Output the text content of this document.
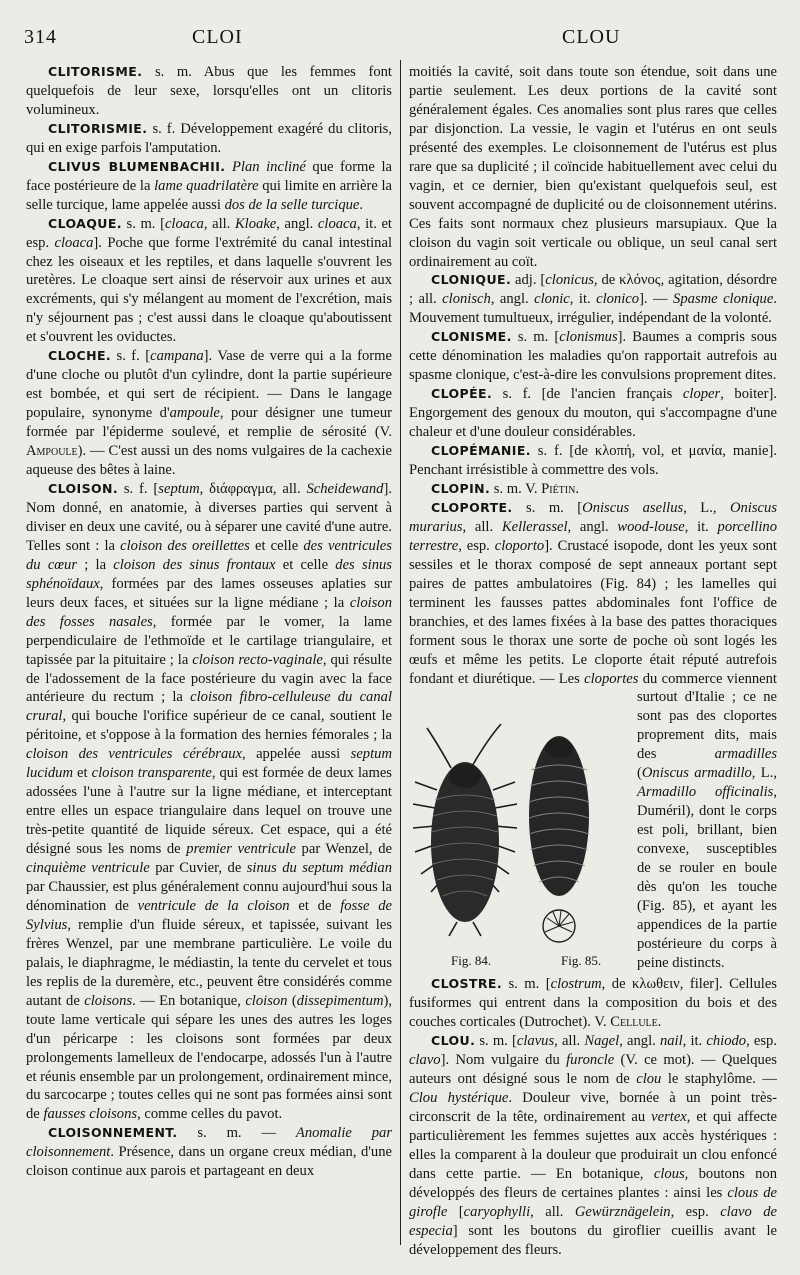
314	CLOI	CLOU

CLITORISME. s. m. Abus que les femmes font quelquefois de leur sexe, lorsqu'elles ont un clitoris volumineux.

CLITORISMIE. s. f. Développement exagéré du clitoris, qui en exige parfois l'amputation.

CLIVUS BLUMENBACHII. Plan incliné que forme la face postérieure de la lame quadrilatère qui limite en arrière la selle turcique, lame appelée aussi dos de la selle turcique.

CLOAQUE. s. m. [cloaca, all. Kloake, angl. cloaca, it. et esp. cloaca]. Poche que forme l'extrémité du canal intestinal chez les oiseaux et les reptiles, et dans laquelle s'ouvrent les uretères. Le cloaque sert ainsi de réservoir aux urines et aux excréments, qui s'y mélangent au moment de l'excrétion, mais n'y séjournent pas ; c'est aussi dans le cloaque qu'aboutissent et s'ouvrent les oviductes.

CLOCHE. s. f. [campana]. Vase de verre qui a la forme d'une cloche ou plutôt d'un cylindre, dont la partie supérieure est bombée, et qui sert de récipient. — Dans le langage populaire, synonyme d'ampoule, pour désigner une tumeur formée par l'épiderme soulevé, et remplie de sérosité (V. Ampoule). — C'est aussi un des noms vulgaires de la cachexie aqueuse des bêtes à laine.

CLOISON. s. f. [septum, διάφραγμα, all. Scheidewand]. Nom donné, en anatomie, à diverses parties qui servent à diviser en deux une cavité, ou à séparer une cavité d'une autre. Telles sont : la cloison des oreillettes et celle des ventricules du cœur ; la cloison des sinus frontaux et celle des sinus sphénoïdaux, formées par des lames osseuses aplaties sur leurs deux faces, et situées sur la ligne médiane ; la cloison des fosses nasales, formée par le vomer, la lame perpendiculaire de l'ethmoïde et le cartilage triangulaire, et tapissée par la pituitaire ; la cloison recto-vaginale, qui résulte de l'adossement de la face postérieure du vagin avec la face antérieure du rectum ; la cloison fibro-celluleuse du canal crural, qui bouche l'orifice supérieur de ce canal, soutient le péritoine, et s'oppose à la formation des hernies fémorales ; la cloison des ventricules cérébraux, appelée aussi septum lucidum et cloison transparente, qui est formée de deux lames adossées l'une à l'autre sur la ligne médiane, et interceptant entre elles un espace triangulaire dans lequel on trouve une très-petite quantité de liquide séreux. Cet espace, qui a été désigné sous les noms de premier ventricule par Wenzel, de cinquième ventricule par Cuvier, de sinus du septum médian par Chaussier, est plus généralement connu aujourd'hui sous la dénomination de ventricule de la cloison et de fosse de Sylvius, remplie d'un fluide séreux, et tapissée, suivant les frères Wenzel, par une membrane particulière. Le voile du palais, le diaphragme, le médiastin, la tente du cervelet et tous les replis de la duremère, etc., peuvent être considérés comme autant de cloisons. — En botanique, cloison (dissepimentum), toute lame verticale qui sépare les unes des autres les loges d'un péricarpe : les cloisons sont formées par deux prolongements lamelleux de l'endocarpe, adossés l'un à l'autre et réunis ensemble par un prolongement, ordinairement mince, du sarcocarpe ; toutes celles qui ne sont pas formées ainsi sont de fausses cloisons, comme celles du pavot.

CLOISONNEMENT. s. m. — Anomalie par cloisonnement. Présence, dans un organe creux médian, d'une cloison continue aux parois et partageant en deux

moitiés la cavité, soit dans toute son étendue, soit dans une partie seulement. Les deux portions de la cavité sont généralement égales. Ces anomalies sont plus rares que celles par disjonction. La vessie, le vagin et l'utérus en ont seuls présenté des exemples. Le cloisonnement de l'utérus est plus rare que sa duplicité ; il coïncide habituellement avec celui du vagin, et ce dernier, bien qu'existant quelquefois seul, est souvent accompagné de duplicité ou de cloisonnement utérins. Ces faits sont normaux chez plusieurs marsupiaux. Que la cloison du vagin soit verticale ou oblique, un seul canal sert ordinairement au coït.

CLONIQUE. adj. [clonicus, de κλόνος, agitation, désordre ; all. clonisch, angl. clonic, it. clonico]. — Spasme clonique. Mouvement tumultueux, irrégulier, indépendant de la volonté.

CLONISME. s. m. [clonismus]. Baumes a compris sous cette dénomination les maladies qu'on rapportait autrefois au spasme clonique, c'est-à-dire les convulsions proprement dites.

CLOPÉE. s. f. [de l'ancien français cloper, boiter]. Engorgement des genoux du mouton, qui s'accompagne d'une chaleur et d'une douleur considérables.

CLOPÉMANIE. s. f. [de κλοπή, vol, et μανία, manie]. Penchant irrésistible à commettre des vols.

CLOPIN. s. m. V. Piétin.

CLOPORTE. s. m. [Oniscus asellus, L., Oniscus murarius, all. Kellerassel, angl. wood-louse, it. porcellino terrestre, esp. cloporto]. Crustacé isopode, dont les yeux sont sessiles et le thorax composé de sept anneaux portant sept paires de pattes ambulatoires (Fig. 84) ; les lamelles qui terminent les fausses pattes abdominales font l'office de branchies, et des lames fixées à la base des pattes thoraciques forment sous le thorax une sorte de poche où sont logés les œufs et même les petits. Le cloporte était réputé autrefois fondant et diurétique. — Les
Fig. 84.	Fig. 85.
cloportes du commerce viennent surtout d'Italie ; ce ne sont pas des cloportes proprement dits, mais des armadilles (Oniscus armadillo, L., Armadillo officinalis, Duméril), dont le corps est poli, brillant, bien convexe, susceptibles de se rouler en boule dès qu'on les touche (Fig. 85), et ayant les appendices de la partie postérieure du corps à peine distincts.

CLOSTRE. s. m. [clostrum, de κλωθειν, filer]. Cellules fusiformes qui entrent dans la composition du bois et des couches corticales (Dutrochet). V. Cellule.

CLOU. s. m. [clavus, all. Nagel, angl. nail, it. chiodo, esp. clavo]. Nom vulgaire du furoncle (V. ce mot). — Quelques auteurs ont désigné sous le nom de clou le staphylôme. — Clou hystérique. Douleur vive, bornée à un point très-circonscrit de la tête, ordinairement au vertex, et qui affecte particulièrement les femmes sujettes aux accès hystériques : elles la comparent à la douleur que produirait un clou enfoncé dans cette partie. — En botanique, clous, boutons non développés des fleurs de certaines plantes : ainsi les clous de girofle [caryophylli, all. Gewürznägelein, esp. clavo de especia] sont les boutons du giroflier cueillis avant le développement des fleurs.
